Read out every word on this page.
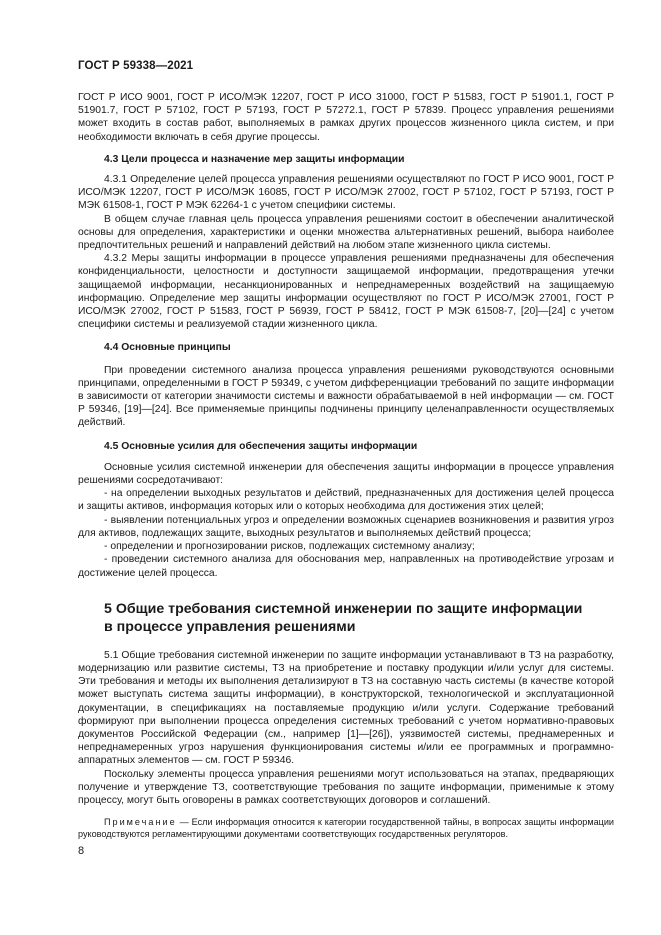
ГОСТ Р 59338—2021

ГОСТ Р ИСО 9001, ГОСТ Р ИСО/МЭК 12207, ГОСТ Р ИСО 31000, ГОСТ Р 51583, ГОСТ Р 51901.1, ГОСТ Р 51901.7, ГОСТ Р 57102, ГОСТ Р 57193, ГОСТ Р 57272.1, ГОСТ Р 57839. Процесс управления решениями может входить в состав работ, выполняемых в рамках других процессов жизненного цикла систем, и при необходимости включать в себя другие процессы.

4.3 Цели процесса и назначение мер защиты информации

4.3.1 Определение целей процесса управления решениями осуществляют по ГОСТ Р ИСО 9001, ГОСТ Р ИСО/МЭК 12207, ГОСТ Р ИСО/МЭК 16085, ГОСТ Р ИСО/МЭК 27002, ГОСТ Р 57102, ГОСТ Р 57193, ГОСТ Р МЭК 61508-1, ГОСТ Р МЭК 62264-1 с учетом специфики системы.

В общем случае главная цель процесса управления решениями состоит в обеспечении аналитической основы для определения, характеристики и оценки множества альтернативных решений, выбора наиболее предпочтительных решений и направлений действий на любом этапе жизненного цикла системы.

4.3.2 Меры защиты информации в процессе управления решениями предназначены для обеспечения конфиденциальности, целостности и доступности защищаемой информации, предотвращения утечки защищаемой информации, несанкционированных и непреднамеренных воздействий на защищаемую информацию. Определение мер защиты информации осуществляют по ГОСТ Р ИСО/МЭК 27001, ГОСТ Р ИСО/МЭК 27002, ГОСТ Р 51583, ГОСТ Р 56939, ГОСТ Р 58412, ГОСТ Р МЭК 61508-7, [20]—[24] с учетом специфики системы и реализуемой стадии жизненного цикла.

4.4 Основные принципы

При проведении системного анализа процесса управления решениями руководствуются основными принципами, определенными в ГОСТ Р 59349, с учетом дифференциации требований по защите информации в зависимости от категории значимости системы и важности обрабатываемой в ней информации — см. ГОСТ Р 59346, [19]—[24]. Все применяемые принципы подчинены принципу целенаправленности осуществляемых действий.

4.5 Основные усилия для обеспечения защиты информации

Основные усилия системной инженерии для обеспечения защиты информации в процессе управления решениями сосредотачивают:

- на определении выходных результатов и действий, предназначенных для достижения целей процесса и защиты активов, информация которых или о которых необходима для достижения этих целей;

- выявлении потенциальных угроз и определении возможных сценариев возникновения и развития угроз для активов, подлежащих защите, выходных результатов и выполняемых действий процесса;

- определении и прогнозировании рисков, подлежащих системному анализу;

- проведении системного анализа для обоснования мер, направленных на противодействие угрозам и достижение целей процесса.

5 Общие требования системной инженерии по защите информации
в процессе управления решениями

5.1 Общие требования системной инженерии по защите информации устанавливают в ТЗ на разработку, модернизацию или развитие системы, ТЗ на приобретение и поставку продукции и/или услуг для системы. Эти требования и методы их выполнения детализируют в ТЗ на составную часть системы (в качестве которой может выступать система защиты информации), в конструкторской, технологической и эксплуатационной документации, в спецификациях на поставляемые продукцию и/или услуги. Содержание требований формируют при выполнении процесса определения системных требований с учетом нормативно-правовых документов Российской Федерации (см., например [1]—[26]), уязвимостей системы, преднамеренных и непреднамеренных угроз нарушения функционирования системы и/или ее программных и программно-аппаратных элементов — см. ГОСТ Р 59346.

Поскольку элементы процесса управления решениями могут использоваться на этапах, предваряющих получение и утверждение ТЗ, соответствующие требования по защите информации, применимые к этому процессу, могут быть оговорены в рамках соответствующих договоров и соглашений.

Примечание — Если информация относится к категории государственной тайны, в вопросах защиты информации руководствуются регламентирующими документами соответствующих государственных регуляторов.

8
